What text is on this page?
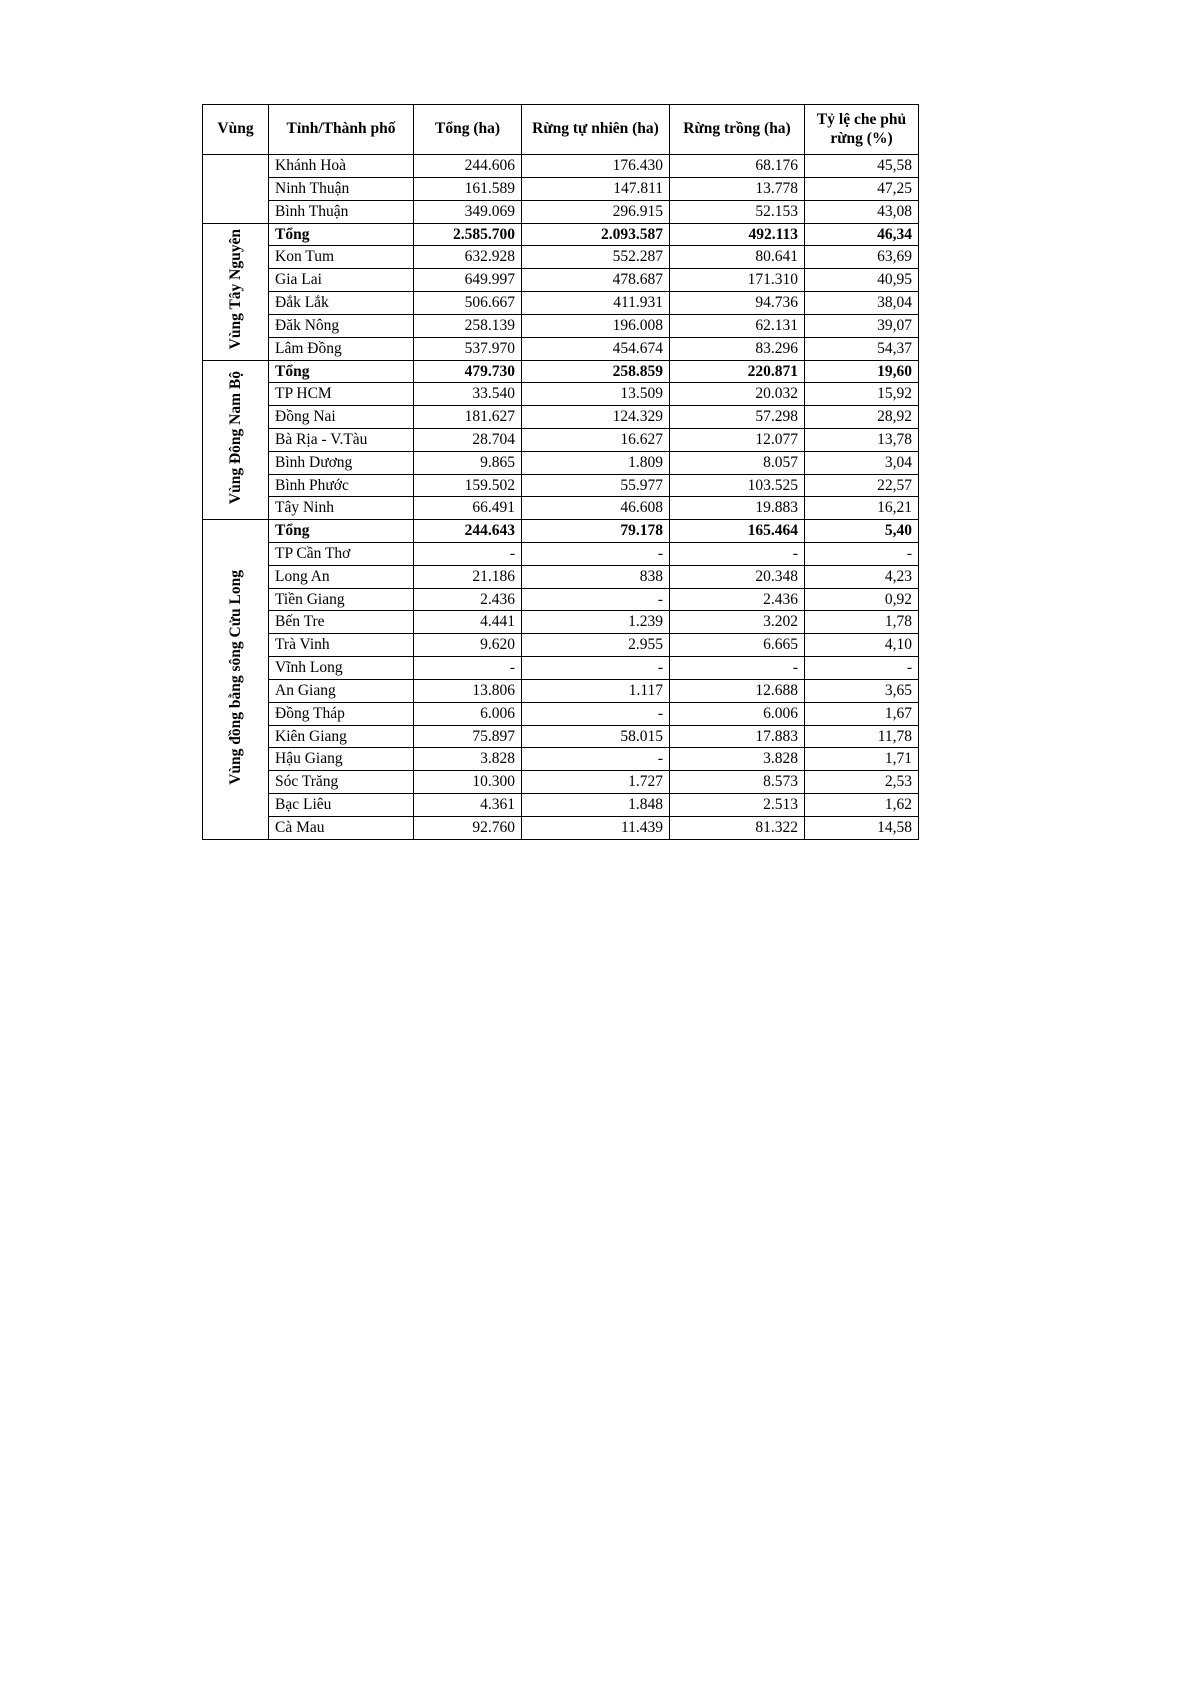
Vùng	Tỉnh/Thành phố	Tổng (ha)	Rừng tự nhiên (ha)	Rừng trồng (ha)	Tỷ lệ che phủ rừng (%)
	Khánh Hoà	244.606	176.430	68.176	45,58
	Ninh Thuận	161.589	147.811	13.778	47,25
	Bình Thuận	349.069	296.915	52.153	43,08
Vùng Tây Nguyên	Tổng	2.585.700	2.093.587	492.113	46,34
	Kon Tum	632.928	552.287	80.641	63,69
	Gia Lai	649.997	478.687	171.310	40,95
	Đắk Lắk	506.667	411.931	94.736	38,04
	Đăk Nông	258.139	196.008	62.131	39,07
	Lâm Đồng	537.970	454.674	83.296	54,37
Vùng Đông Nam Bộ	Tổng	479.730	258.859	220.871	19,60
	TP HCM	33.540	13.509	20.032	15,92
	Đồng Nai	181.627	124.329	57.298	28,92
	Bà Rịa - V.Tàu	28.704	16.627	12.077	13,78
	Bình Dương	9.865	1.809	8.057	3,04
	Bình Phước	159.502	55.977	103.525	22,57
	Tây Ninh	66.491	46.608	19.883	16,21
Vùng đồng bằng sông Cửu Long	Tổng	244.643	79.178	165.464	5,40
	TP Cần Thơ	-	-	-	-
	Long An	21.186	838	20.348	4,23
	Tiền Giang	2.436	-	2.436	0,92
	Bến Tre	4.441	1.239	3.202	1,78
	Trà Vinh	9.620	2.955	6.665	4,10
	Vĩnh Long	-	-	-	-
	An Giang	13.806	1.117	12.688	3,65
	Đồng Tháp	6.006	-	6.006	1,67
	Kiên Giang	75.897	58.015	17.883	11,78
	Hậu Giang	3.828	-	3.828	1,71
	Sóc Trăng	10.300	1.727	8.573	2,53
	Bạc Liêu	4.361	1.848	2.513	1,62
	Cà Mau	92.760	11.439	81.322	14,58
